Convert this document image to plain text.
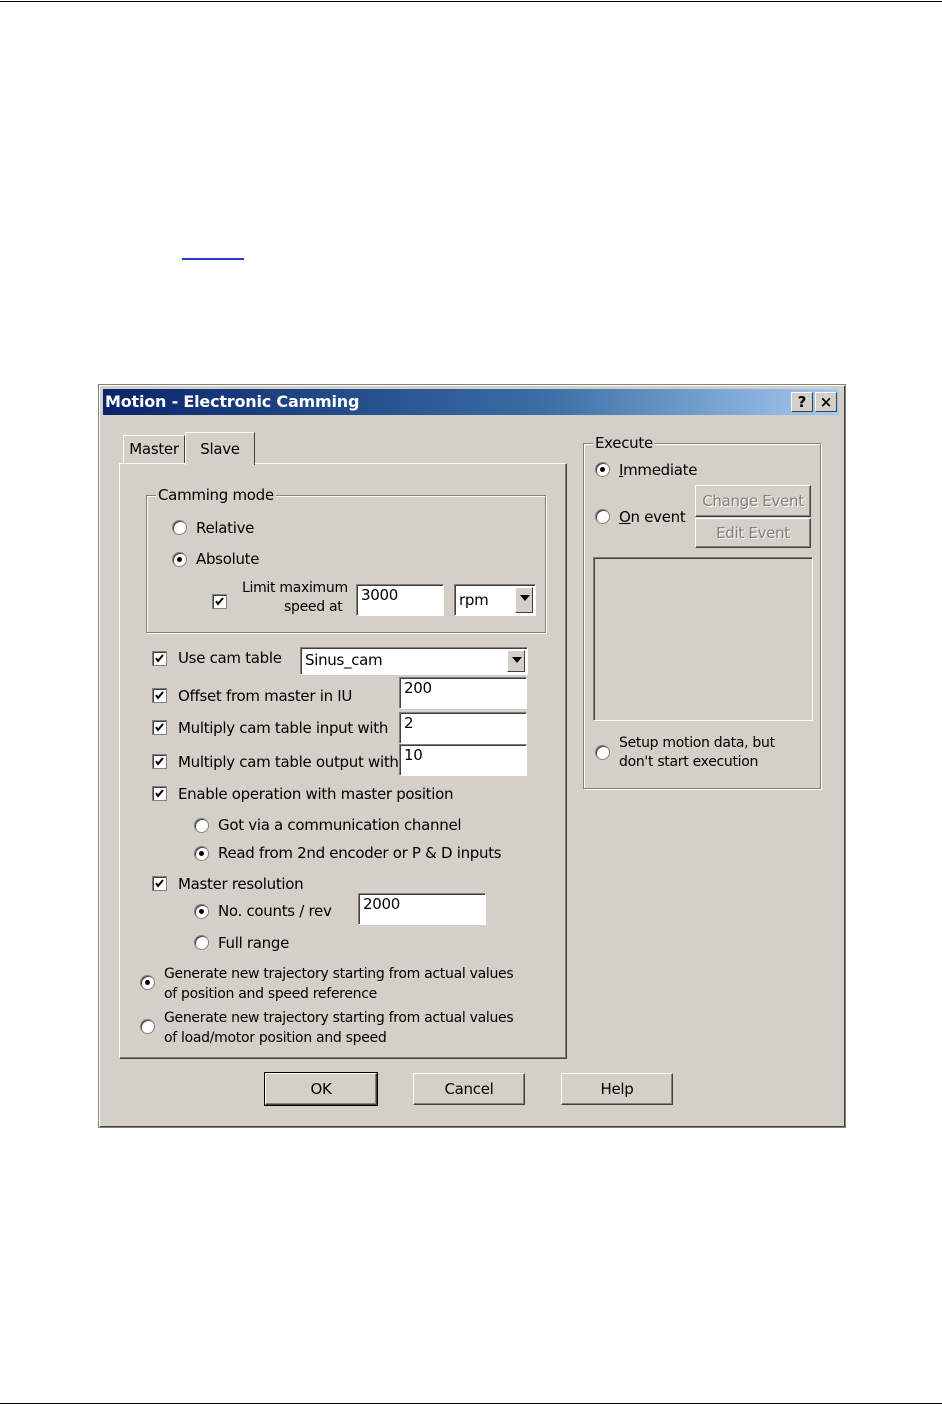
Motion - Electronic Camming	? ×
Master	Slave
Camming mode
Relative
Absolute
Limit maximum
speed at
3000	rpm
Use cam table Sinus_cam
Offset from master in IU	200
Multiply cam table input with	2
Multiply cam table output with 10
Enable operation with master position
Got via a communication channel
Read from 2nd encoder or P & D inputs
Master resolution
No. counts / rev	2000
Full range
Generate new trajectory starting from actual values
of position and speed reference
Generate new trajectory starting from actual values
of load/motor position and speed
Execute
Immediate
On event
Change Event
Edit Event
Setup motion data, but
don't start execution
OK	Cancel	Help
